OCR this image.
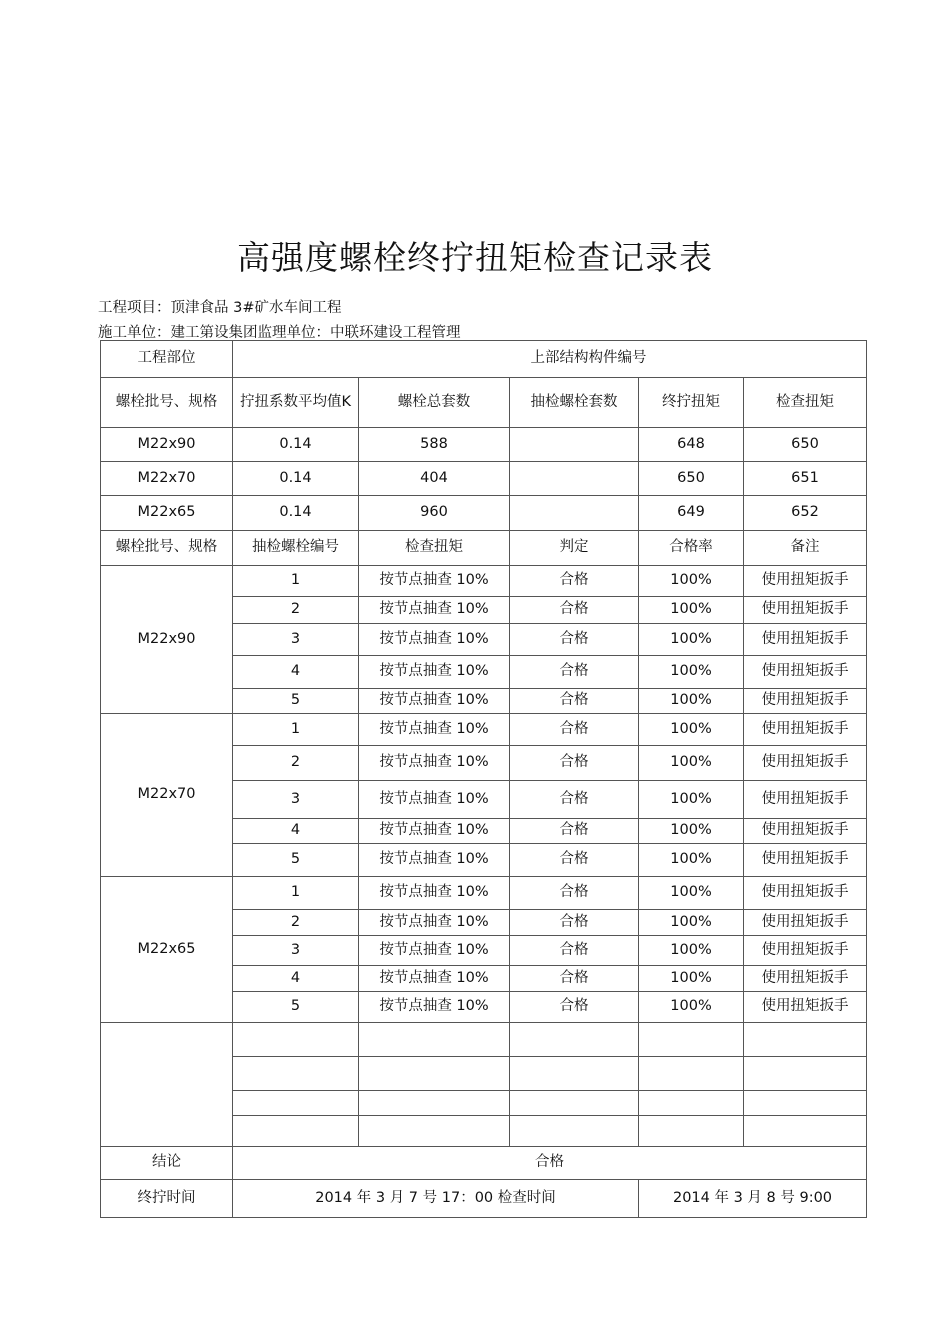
高强度螺栓终拧扭矩检查记录表
工程项目：顶津食品 3#矿水车间工程
施工单位：建工第设集团监理单位：中联环建设工程管理
工程部位	上部结构构件编号				
螺栓批号、规格	拧扭系数平均值K	螺栓总套数	抽检螺栓套数	终拧扭矩	检查扭矩
M22x90	0.14	588		648	650
M22x70	0.14	404		650	651
M22x65	0.14	960		649	652
螺栓批号、规格	抽检螺栓编号	检查扭矩	判定	合格率	备注
M22x90	1	按节点抽查 10%	合格	100%	使用扭矩扳手
	2	按节点抽查 10%	合格	100%	使用扭矩扳手
	3	按节点抽查 10%	合格	100%	使用扭矩扳手
	4	按节点抽查 10%	合格	100%	使用扭矩扳手
	5	按节点抽查 10%	合格	100%	使用扭矩扳手
M22x70	1	按节点抽查 10%	合格	100%	使用扭矩扳手
	2	按节点抽查 10%	合格	100%	使用扭矩扳手
	3	按节点抽查 10%	合格	100%	使用扭矩扳手
	4	按节点抽查 10%	合格	100%	使用扭矩扳手
	5	按节点抽查 10%	合格	100%	使用扭矩扳手
M22x65	1	按节点抽查 10%	合格	100%	使用扭矩扳手
	2	按节点抽查 10%	合格	100%	使用扭矩扳手
	3	按节点抽查 10%	合格	100%	使用扭矩扳手
	4	按节点抽查 10%	合格	100%	使用扭矩扳手
	5	按节点抽查 10%	合格	100%	使用扭矩扳手

结论	合格				
终拧时间	2014 年 3 月 7 号 17：00 检查时间			2014 年 3 月 8 号 9:00	
